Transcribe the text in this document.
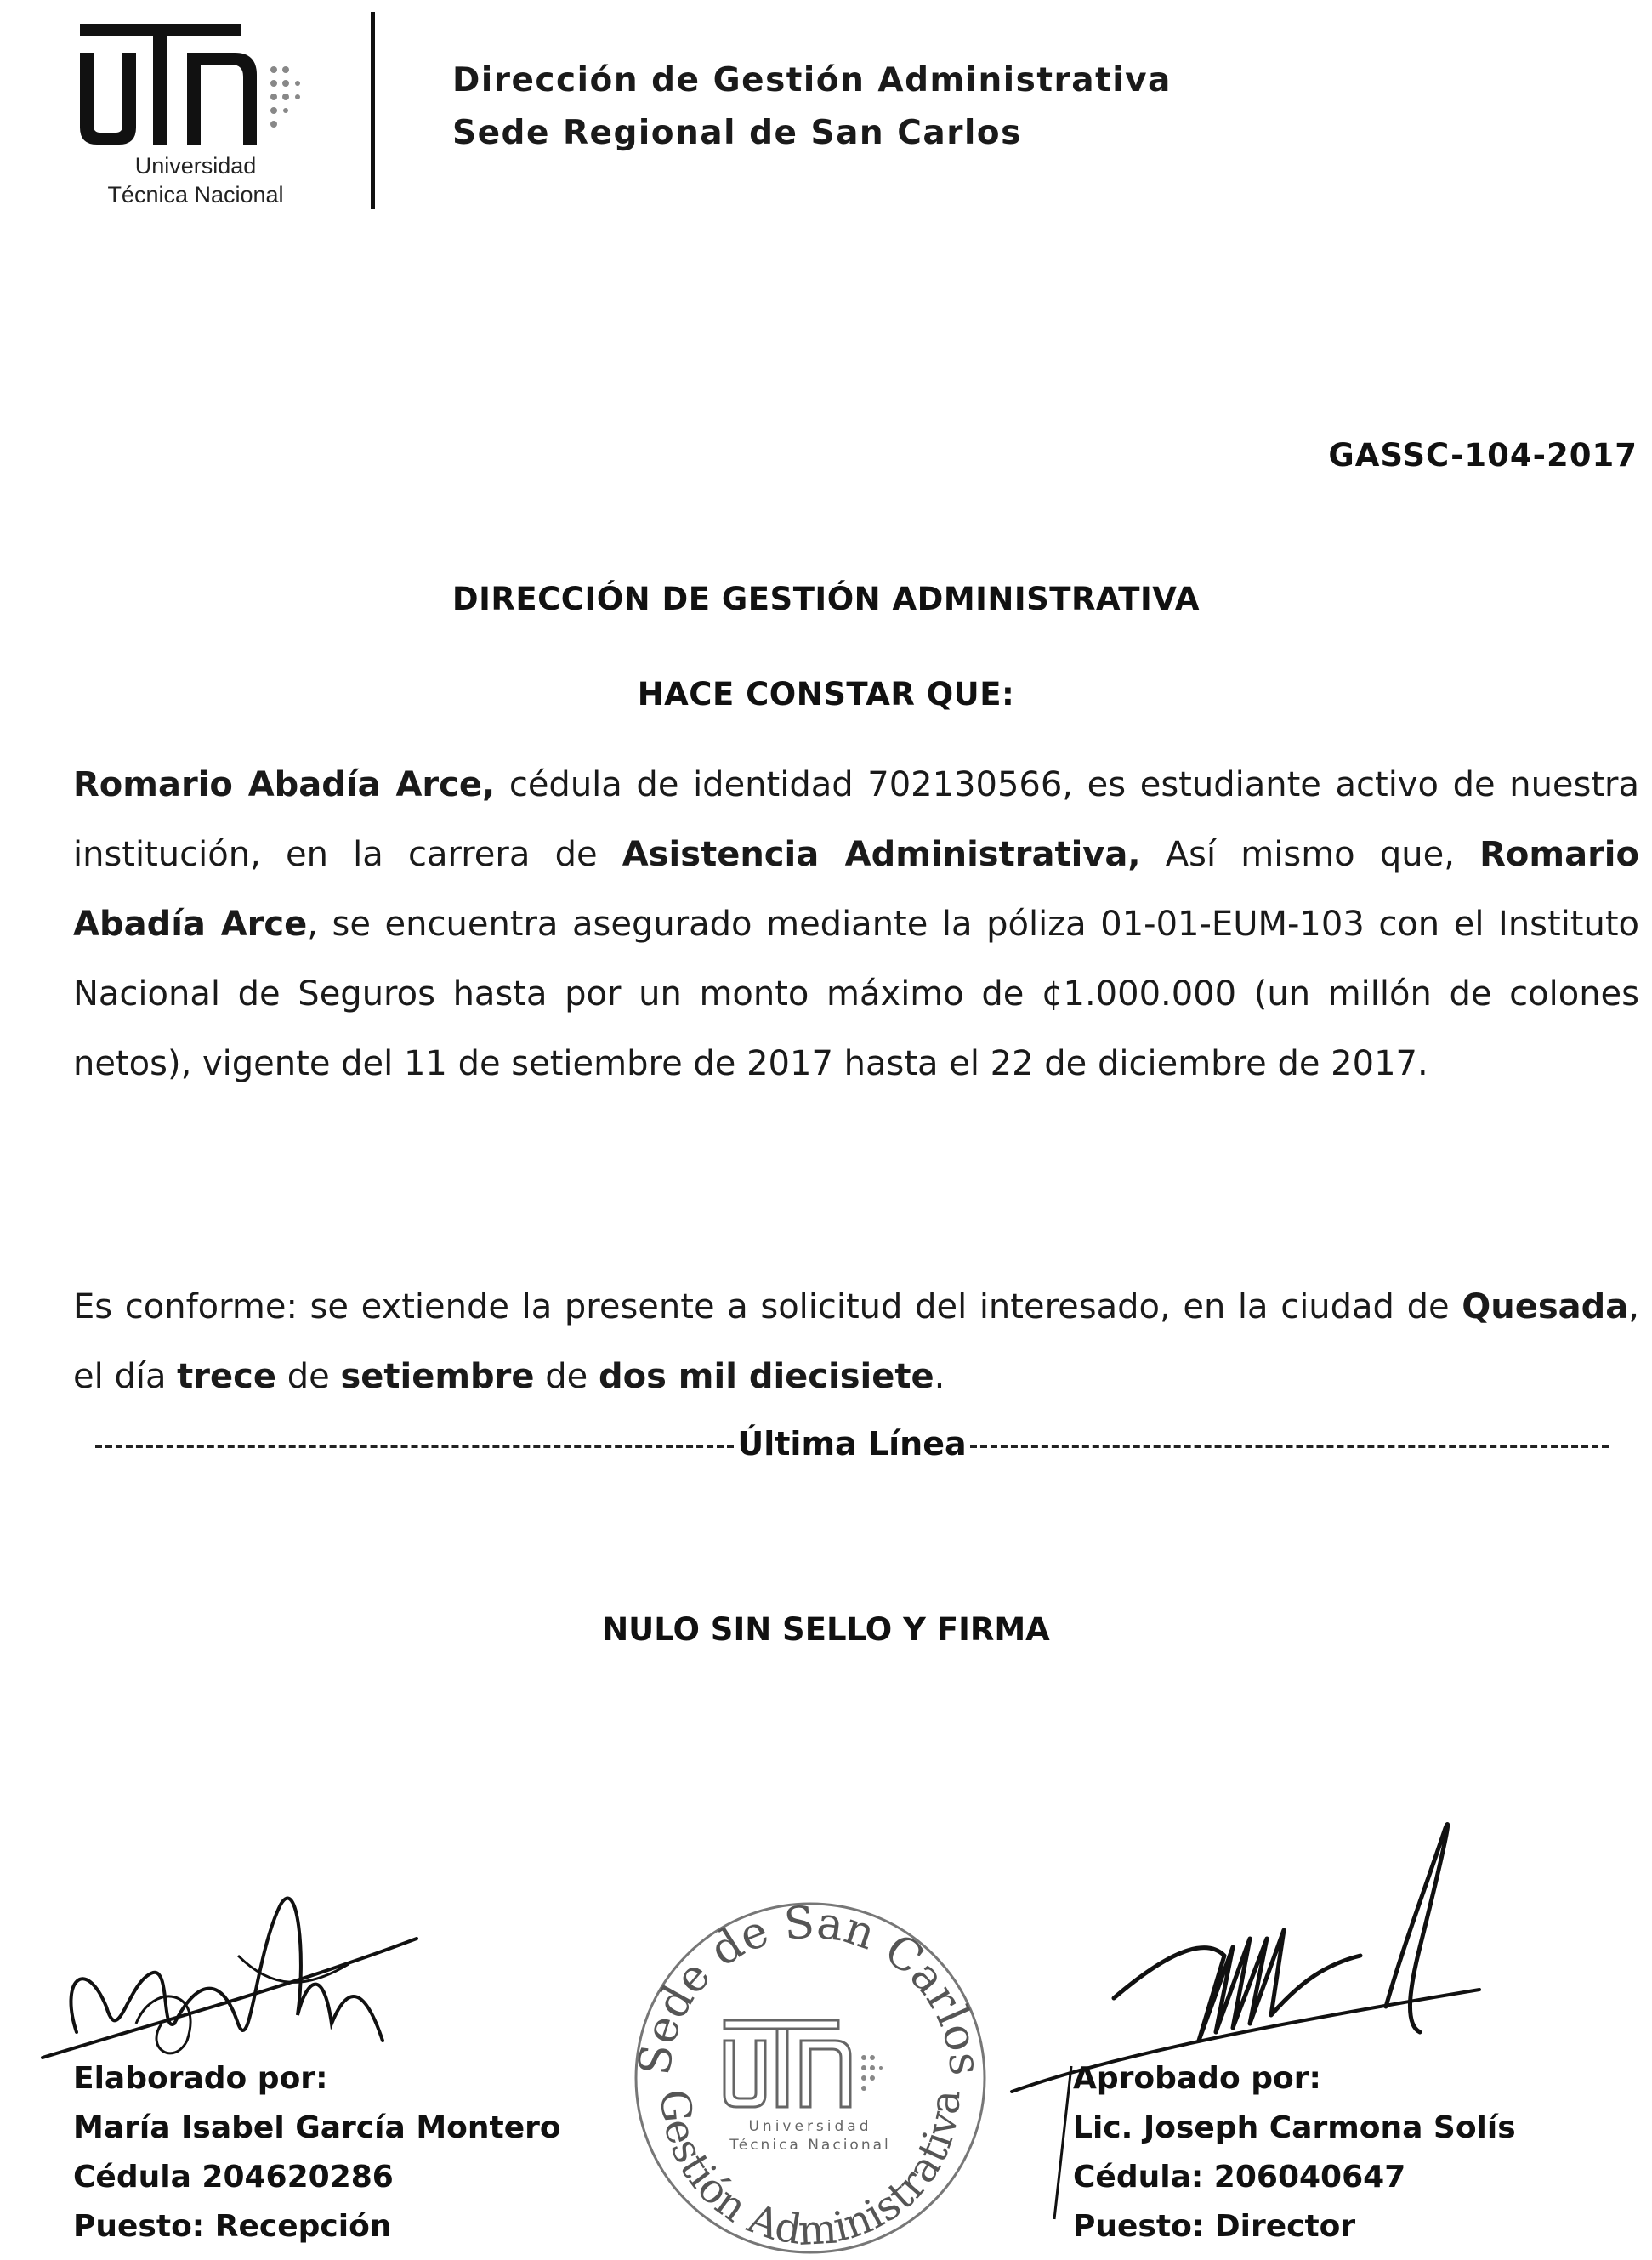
Universidad
Técnica Nacional
Dirección de Gestión Administrativa
Sede Regional de San Carlos
GASSC-104-2017
DIRECCIÓN DE GESTIÓN ADMINISTRATIVA
HACE CONSTAR QUE:
Romario Abadía Arce, cédula de identidad 702130566, es estudiante activo de nuestra institución, en la carrera de Asistencia Administrativa, Así mismo que, Romario Abadía Arce, se encuentra asegurado mediante la póliza 01-01-EUM-103 con el Instituto Nacional de Seguros hasta por un monto máximo de ¢1.000.000 (un millón de colones netos), vigente del 11 de setiembre de 2017 hasta el 22 de diciembre de 2017.
Es conforme: se extiende la presente a solicitud del interesado, en la ciudad de Quesada, el día trece de setiembre de dos mil diecisiete.
Última Línea
NULO SIN SELLO Y FIRMA
Elaborado por:
María Isabel García Montero
Cédula 204620286
Puesto: Recepción
Aprobado por:
Lic. Joseph Carmona Solís
Cédula: 206040647
Puesto: Director
Sede de San Carlos
Gestión Administrativa
Universidad
Técnica Nacional
